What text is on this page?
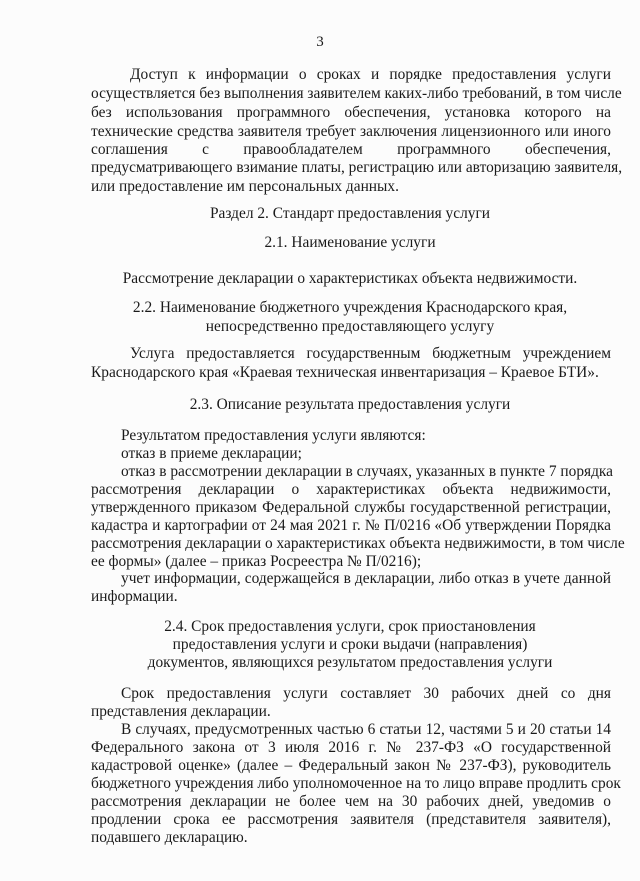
3
Доступ к информации о сроках и порядке предоставления услуги
осуществляется без выполнения заявителем каких-либо требований, в том числе
без использования программного обеспечения, установка которого на
технические средства заявителя требует заключения лицензионного или иного
соглашения с правообладателем программного обеспечения,
предусматривающего взимание платы, регистрацию или авторизацию заявителя,
или предоставление им персональных данных.
Раздел 2. Стандарт предоставления услуги
2.1. Наименование услуги
Рассмотрение декларации о характеристиках объекта недвижимости.
2.2. Наименование бюджетного учреждения Краснодарского края,
непосредственно предоставляющего услугу
Услуга предоставляется государственным бюджетным учреждением
Краснодарского края «Краевая техническая инвентаризация – Краевое БТИ».
2.3. Описание результата предоставления услуги
Результатом предоставления услуги являются:
отказ в приеме декларации;
отказ в рассмотрении декларации в случаях, указанных в пункте 7 порядка
рассмотрения декларации о характеристиках объекта недвижимости,
утвержденного приказом Федеральной службы государственной регистрации,
кадастра и картографии от 24 мая 2021 г. № П/0216 «Об утверждении Порядка
рассмотрения декларации о характеристиках объекта недвижимости, в том числе
ее формы» (далее – приказ Росреестра № П/0216);
учет информации, содержащейся в декларации, либо отказ в учете данной
информации.
2.4. Срок предоставления услуги, срок приостановления
предоставления услуги и сроки выдачи (направления)
документов, являющихся результатом предоставления услуги
Срок предоставления услуги составляет 30 рабочих дней со дня
представления декларации.
В случаях, предусмотренных частью 6 статьи 12, частями 5 и 20 статьи 14
Федерального закона от 3 июля 2016 г. № 237-ФЗ «О государственной
кадастровой оценке» (далее – Федеральный закон № 237-ФЗ), руководитель
бюджетного учреждения либо уполномоченное на то лицо вправе продлить срок
рассмотрения декларации не более чем на 30 рабочих дней, уведомив о
продлении срока ее рассмотрения заявителя (представителя заявителя),
подавшего декларацию.
